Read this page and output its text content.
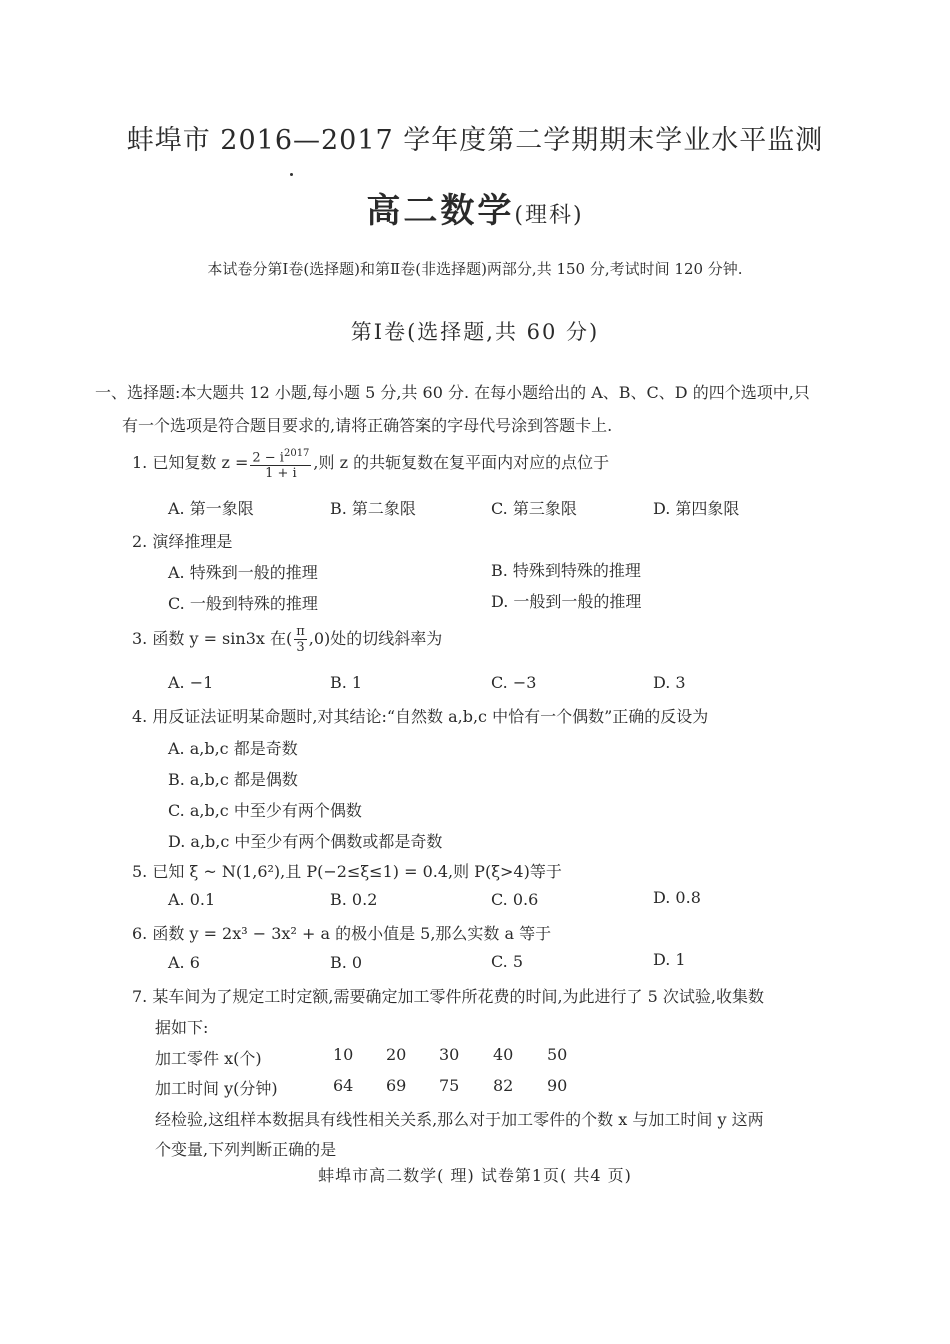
蚌埠市 2016—2017 学年度第二学期期末学业水平监测
高二数学(理科)
本试卷分第Ⅰ卷(选择题)和第Ⅱ卷(非选择题)两部分,共 150 分,考试时间 120 分钟.
第Ⅰ卷(选择题,共 60 分)
一、选择题:本大题共 12 小题,每小题 5 分,共 60 分. 在每小题给出的 A、B、C、D 的四个选项中,只
有一个选项是符合题目要求的,请将正确答案的字母代号涂到答题卡上.
1. 已知复数 $z = \frac{2 - i^{2017}}{1 + i}$ ,则 z 的共轭复数在复平面内对应的点位于
A. 第一象限	B. 第二象限	C. 第三象限	D. 第四象限
2. 演绎推理是
A. 特殊到一般的推理	B. 特殊到特殊的推理
C. 一般到特殊的推理	D. 一般到一般的推理
3. 函数 y = sin3x 在( $\frac{\pi}{3} ,0$)处的切线斜率为
A. −1	B. 1	C. −3	D. 3
4. 用反证法证明某命题时,对其结论:“自然数 a,b,c 中恰有一个偶数”正确的反设为
A. a,b,c 都是奇数
B. a,b,c 都是偶数
C. a,b,c 中至少有两个偶数
D. a,b,c 中至少有两个偶数或都是奇数
5. 已知 ξ ~ N(1,6²),且 P(−2≤ξ≤1) = 0.4,则 P(ξ>4)等于
A. 0.1	B. 0.2	C. 0.6	D. 0.8
6. 函数 y = 2x³ − 3x² + a 的极小值是 5,那么实数 a 等于
A. 6	B. 0	C. 5	D. 1
7. 某车间为了规定工时定额,需要确定加工零件所花费的时间,为此进行了 5 次试验,收集数
据如下:
加工零件 x(个)	10 20 30 40 50
加工时间 y(分钟)	64 69 75 82 90
经检验,这组样本数据具有线性相关关系,那么对于加工零件的个数 x 与加工时间 y 这两
个变量,下列判断正确的是
蚌埠市高二数学( 理) 试卷第1页( 共4 页)
